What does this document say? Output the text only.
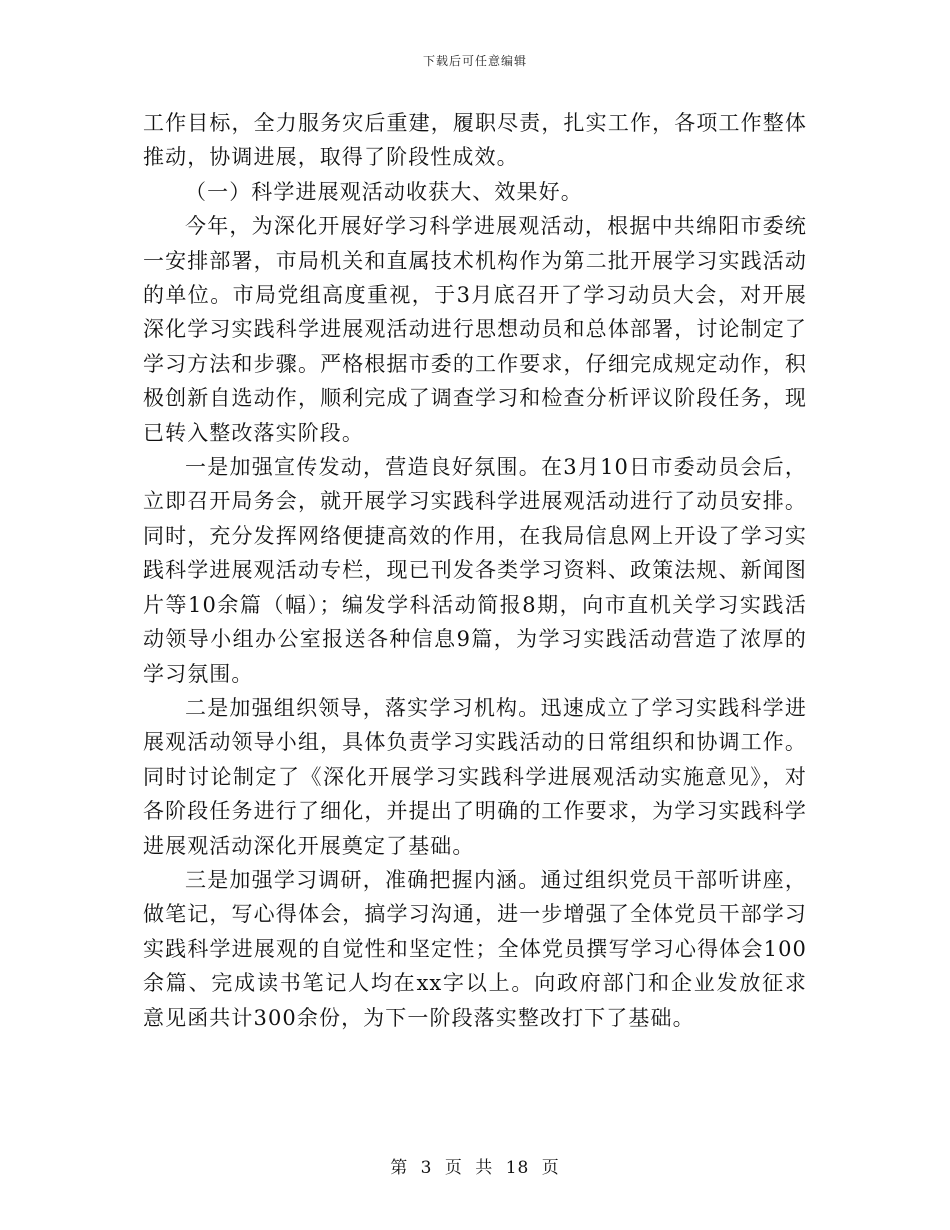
下载后可任意编辑

工作目标，全力服务灾后重建，履职尽责，扎实工作，各项工作整体推动，协调进展，取得了阶段性成效。

（一）科学进展观活动收获大、效果好。

今年，为深化开展好学习科学进展观活动，根据中共绵阳市委统一安排部署，市局机关和直属技术机构作为第二批开展学习实践活动的单位。市局党组高度重视，于3月底召开了学习动员大会，对开展深化学习实践科学进展观活动进行思想动员和总体部署，讨论制定了学习方法和步骤。严格根据市委的工作要求，仔细完成规定动作，积极创新自选动作，顺利完成了调查学习和检查分析评议阶段任务，现已转入整改落实阶段。

一是加强宣传发动，营造良好氛围。在3月10日市委动员会后，立即召开局务会，就开展学习实践科学进展观活动进行了动员安排。同时，充分发挥网络便捷高效的作用，在我局信息网上开设了学习实践科学进展观活动专栏，现已刊发各类学习资料、政策法规、新闻图片等10余篇（幅）；编发学科活动简报8期，向市直机关学习实践活动领导小组办公室报送各种信息9篇，为学习实践活动营造了浓厚的学习氛围。

二是加强组织领导，落实学习机构。迅速成立了学习实践科学进展观活动领导小组，具体负责学习实践活动的日常组织和协调工作。同时讨论制定了《深化开展学习实践科学进展观活动实施意见》，对各阶段任务进行了细化，并提出了明确的工作要求，为学习实践科学进展观活动深化开展奠定了基础。

三是加强学习调研，准确把握内涵。通过组织党员干部听讲座，做笔记，写心得体会，搞学习沟通，进一步增强了全体党员干部学习实践科学进展观的自觉性和坚定性；全体党员撰写学习心得体会100余篇、完成读书笔记人均在xx字以上。向政府部门和企业发放征求意见函共计300余份，为下一阶段落实整改打下了基础。

第 3 页 共 18 页
